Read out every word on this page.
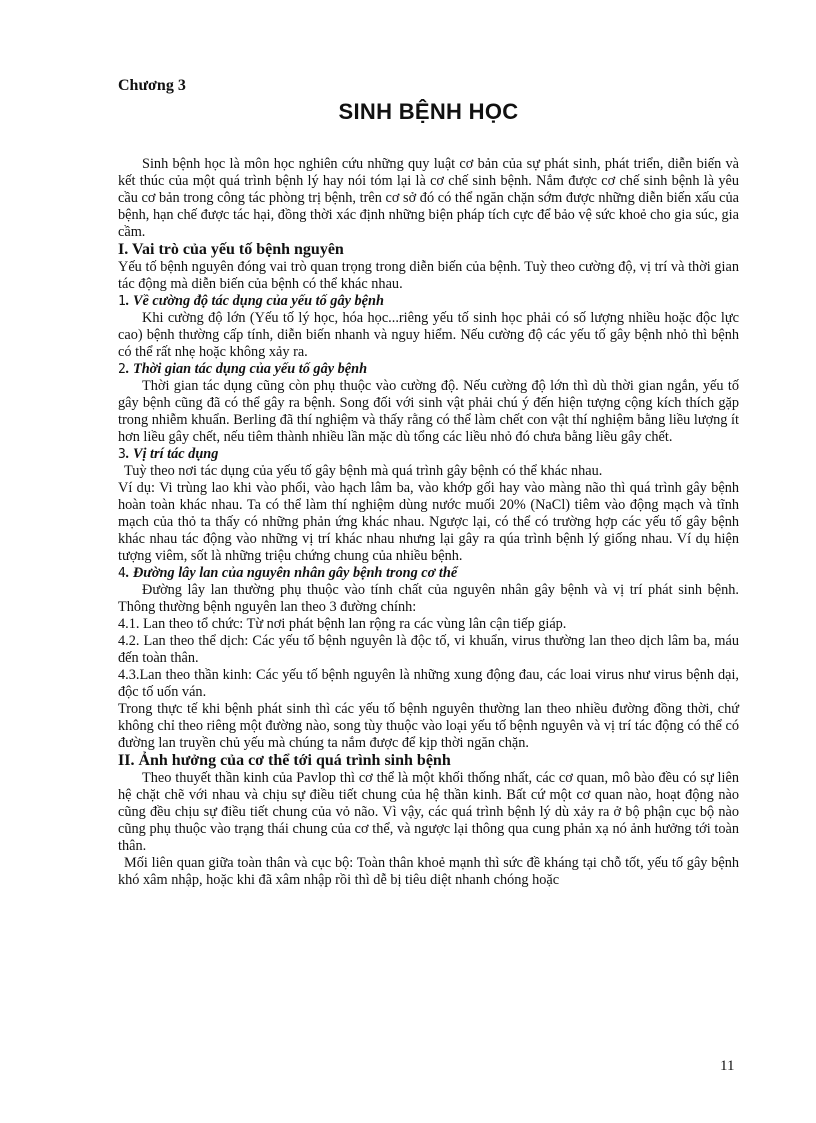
Chương 3

SINH BỆNH HỌC

Sinh bệnh học là môn học nghiên cứu những quy luật cơ bản của sự phát sinh, phát triển, diễn biến và kết thúc của một quá trình bệnh lý hay nói tóm lại là cơ chế sinh bệnh. Nắm được cơ chế sinh bệnh là yêu cầu cơ bản trong công tác phòng trị bệnh, trên cơ sở đó có thể ngăn chặn sớm được những diễn biến xấu của bệnh, hạn chế được tác hại, đồng thời xác định những biện pháp tích cực để bảo vệ sức khoẻ cho gia súc, gia cầm.

I. Vai trò của yếu tố bệnh nguyên

Yếu tố bệnh nguyên đóng vai trò quan trọng trong diễn biến của bệnh. Tuỳ theo cường độ, vị trí và thời gian tác động mà diễn biến của bệnh có thể khác nhau.

1. Về cường độ tác dụng của yếu tố gây bệnh

Khi cường độ lớn (Yếu tố lý học, hóa học...riêng yếu tố sinh học phải có số lượng nhiều hoặc độc lực cao) bệnh thường cấp tính, diễn biến nhanh và nguy hiểm. Nếu cường độ các yếu tố gây bệnh nhỏ thì bệnh có thể rất nhẹ hoặc không xảy ra.

2. Thời gian tác dụng của yếu tố gây bệnh

Thời gian tác dụng cũng còn phụ thuộc vào cường độ. Nếu cường độ lớn thì dù thời gian ngắn, yếu tố gây bệnh cũng đã có thể gây ra bệnh. Song đối với sinh vật phải chú ý đến hiện tượng cộng kích thích gặp trong nhiễm khuẩn. Berling đã thí nghiệm và thấy rằng có thể làm chết con vật thí nghiệm bằng liều lượng ít hơn liều gây chết, nếu tiêm thành nhiều lần mặc dù tổng các liều nhỏ đó chưa bằng liều gây chết.

3. Vị trí tác dụng

Tuỳ theo nơi tác dụng của yếu tố gây bệnh mà quá trình gây bệnh có thể khác nhau.

Ví dụ: Vi trùng lao khi vào phổi, vào hạch lâm ba, vào khớp gối hay vào màng não thì quá trình gây bệnh hoàn toàn khác nhau. Ta có thể làm thí nghiệm dùng nước muối 20% (NaCl) tiêm vào động mạch và tĩnh mạch của thỏ ta thấy có những phản ứng khác nhau. Ngược lại, có thể có trường hợp các yếu tố gây bệnh khác nhau tác động vào những vị trí khác nhau nhưng lại gây ra qúa trình bệnh lý giống nhau. Ví dụ hiện tượng viêm, sốt là những triệu chứng chung của nhiều bệnh.

4. Đường lây lan của nguyên nhân gây bệnh trong cơ thể

Đường lây lan thường phụ thuộc vào tính chất của nguyên nhân gây bệnh và vị trí phát sinh bệnh. Thông thường bệnh nguyên lan theo 3 đường chính:

4.1. Lan theo tổ chức: Từ nơi phát bệnh lan rộng ra các vùng lân cận tiếp giáp.

4.2. Lan theo thể dịch: Các yếu tố bệnh nguyên là độc tố, vi khuẩn, virus thường lan theo dịch lâm ba, máu đến toàn thân.

4.3.Lan theo thần kinh: Các yếu tố bệnh nguyên là những xung động đau, các loai virus như virus bệnh dại, độc tố uốn ván.

Trong thực tế khi bệnh phát sinh thì các yếu tố bệnh nguyên thường lan theo nhiều đường đồng thời, chứ không chỉ theo riêng một đường nào, song tùy thuộc vào loại yếu tố bệnh nguyên và vị trí tác động có thể có đường lan truyền chủ yếu mà chúng ta nắm được để kịp thời ngăn chặn.

II. Ảnh hưởng của cơ thể tới quá trình sinh bệnh

Theo thuyết thần kinh của Pavlop thì cơ thể là một khối thống nhất, các cơ quan, mô bào đều có sự liên hệ chặt chẽ với nhau và chịu sự điều tiết chung của hệ thần kinh. Bất cứ một cơ quan nào, hoạt động nào cũng đều chịu sự điều tiết chung của vỏ não. Vì vậy, các quá trình bệnh lý dù xảy ra ở bộ phận cục bộ nào cũng phụ thuộc vào trạng thái chung của cơ thể, và ngược lại thông qua cung phản xạ nó ảnh hưởng tới toàn thân.

Mối liên quan giữa toàn thân và cục bộ: Toàn thân khoẻ mạnh thì sức đề kháng tại chỗ tốt, yếu tố gây bệnh khó xâm nhập, hoặc khi đã xâm nhập rồi thì dễ bị tiêu diệt nhanh chóng hoặc

11
